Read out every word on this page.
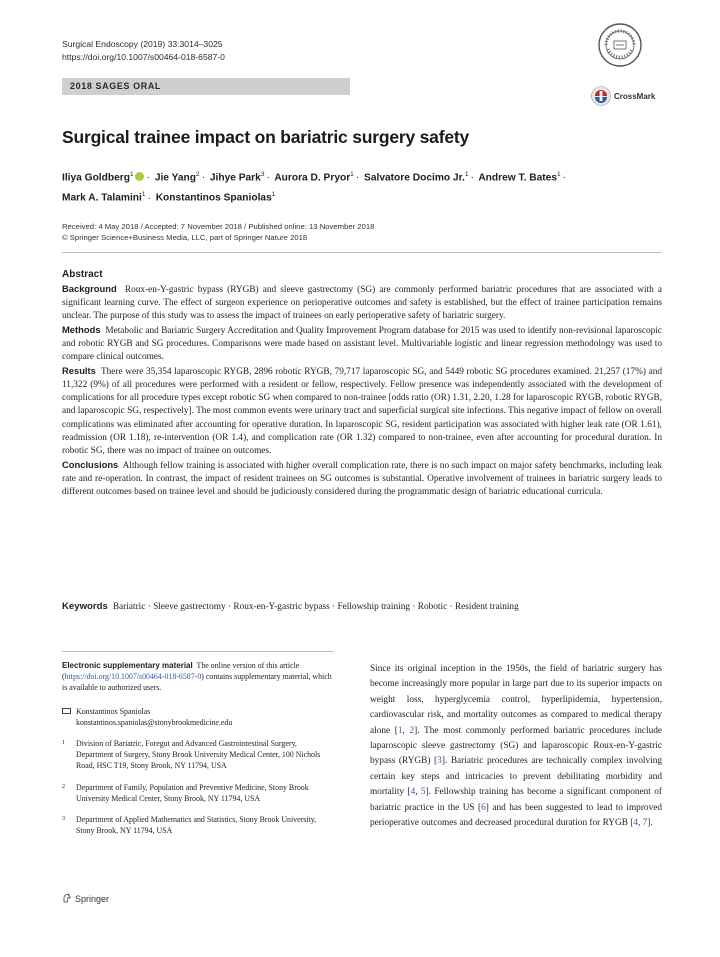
Surgical Endoscopy (2019) 33:3014–3025
https://doi.org/10.1007/s00464-018-6587-0
2018 SAGES ORAL
CrossMark
Surgical trainee impact on bariatric surgery safety
Iliya Goldberg$^1$ · Jie Yang$^2$ · Jihye Park$^3$ · Aurora D. Pryor$^1$ · Salvatore Docimo Jr.$^1$ · Andrew T. Bates$^1$ ·
Mark A. Talamini$^1$ · Konstantinos Spaniolas$^1$
Received: 4 May 2018 / Accepted: 7 November 2018 / Published online: 13 November 2018
© Springer Science+Business Media, LLC, part of Springer Nature 2018
Abstract

Background Roux-en-Y-gastric bypass (RYGB) and sleeve gastrectomy (SG) are commonly performed bariatric procedures that are associated with a significant learning curve. The effect of surgeon experience on perioperative outcomes and safety is established, but the effect of trainee participation remains unclear. The purpose of this study was to assess the impact of trainees on early perioperative safety of bariatric surgery.

Methods Metabolic and Bariatric Surgery Accreditation and Quality Improvement Program database for 2015 was used to identify non-revisional laparoscopic and robotic RYGB and SG procedures. Comparisons were made based on assistant level. Multivariable logistic and linear regression methodology was used to compare clinical outcomes.

Results There were 35,354 laparoscopic RYGB, 2896 robotic RYGB, 79,717 laparoscopic SG, and 5449 robotic SG procedures examined. 21,257 (17%) and 11,322 (9%) of all procedures were performed with a resident or fellow, respectively. Fellow presence was independently associated with the development of complications for all procedure types except robotic SG when compared to non-trainee [odds ratio (OR) 1.31, 2.20, 1.28 for laparoscopic RYGB, robotic RYGB, and laparoscopic SG, respectively]. The most common events were urinary tract and superficial surgical site infections. This negative impact of fellow on overall complications was eliminated after accounting for operative duration. In laparoscopic SG, resident participation was associated with higher leak rate (OR 1.61), readmission (OR 1.18), re-intervention (OR 1.4), and complication rate (OR 1.32) compared to non-trainee, even after accounting for procedural duration. In robotic SG, there was no impact of trainee on outcomes.

Conclusions Although fellow training is associated with higher overall complication rate, there is no such impact on major safety benchmarks, including leak rate and re-operation. In contrast, the impact of resident trainees on SG outcomes is substantial. Operative involvement of trainees in bariatric surgery leads to different outcomes based on trainee level and should be judiciously considered during the programmatic design of bariatric educational curricula.

Keywords Bariatric · Sleeve gastrectomy · Roux-en-Y-gastric bypass · Fellowship training · Robotic · Resident training

Electronic supplementary material The online version of this article (https://doi.org/10.1007/s00464-018-6587-0) contains supplementary material, which is available to authorized users.

Konstantinos Spaniolas
konstantinos.spaniolas@stonybrookmedicine.edu
1 Division of Bariatric, Foregut and Advanced Gastrointestinal Surgery, Department of Surgery, Stony Brook University Medical Center, 100 Nichols Road, HSC T19, Stony Brook, NY 11794, USA
2 Department of Family, Population and Preventive Medicine, Stony Brook University Medical Center, Stony Brook, NY 11794, USA
3 Department of Applied Mathematics and Statistics, Stony Brook University, Stony Brook, NY 11794, USA
Springer

Since its original inception in the 1950s, the field of bariatric surgery has become increasingly more popular in large part due to its superior impacts on weight loss, hyperglycemia control, hyperlipidemia, hypertension, cardiovascular risk, and mortality outcomes as compared to medical therapy alone [1, 2]. The most commonly performed bariatric procedures include laparoscopic sleeve gastrectomy (SG) and laparoscopic Roux-en-Y-gastric bypass (RYGB) [3]. Bariatric procedures are technically complex involving certain key steps and intricacies to prevent debilitating morbidity and mortality [4, 5]. Fellowship training has become a significant component of bariatric practice in the US [6] and has been suggested to lead to improved perioperative outcomes and decreased procedural duration for RYGB [4, 7].
